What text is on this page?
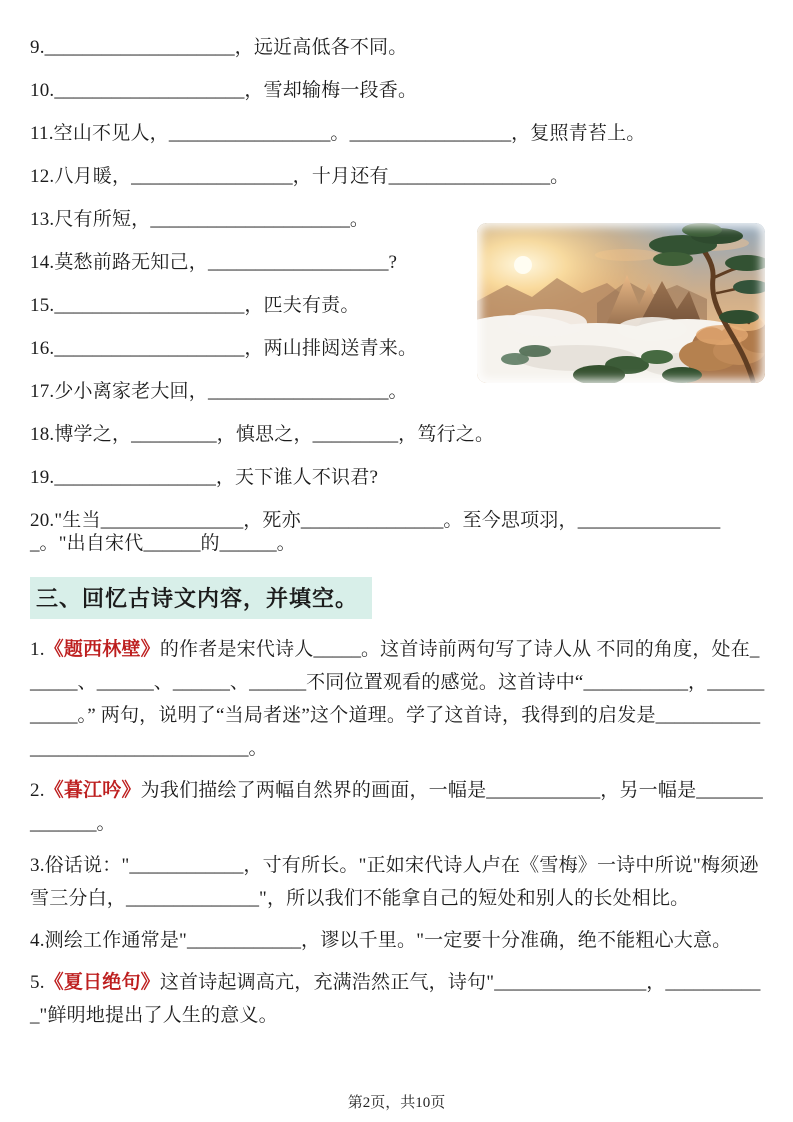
9.____________________，远近高低各不同。
10.____________________，雪却输梅一段香。
11.空山不见人，_________________。_________________，复照青苔上。
12.八月暖，_________________，十月还有_________________。
13.尺有所短，_____________________。
14.莫愁前路无知己，___________________?
15.____________________，匹夫有责。
16.____________________，两山排闼送青来。
17.少小离家老大回，___________________。
18.博学之，_________，慎思之，_________，笃行之。
19._________________，天下谁人不识君?
20."生当_______________，死亦_______________。至今思项羽，________________。"出自宋代______的______。
三、回忆古诗文内容，并填空。
1.《题西林壁》的作者是宋代诗人_____。这首诗前两句写了诗人从 不同的角度，处在______、______、______、______不同位置观看的感觉。这首诗中“___________，___________。” 两句，说明了“当局者迷”这个道理。学了这首诗，我得到的启发是__________________________________。
2.《暮江吟》为我们描绘了两幅自然界的画面，一幅是____________，另一幅是______________。
3.俗话说："____________，寸有所长。"正如宋代诗人卢在《雪梅》一诗中所说"梅须逊雪三分白，______________"，所以我们不能拿自己的短处和别人的长处相比。
4.测绘工作通常是"____________，谬以千里。"一定要十分准确，绝不能粗心大意。
5.《夏日绝句》这首诗起调高亢，充满浩然正气，诗句"________________，___________"鲜明地提出了人生的意义。
第2页，共10页
